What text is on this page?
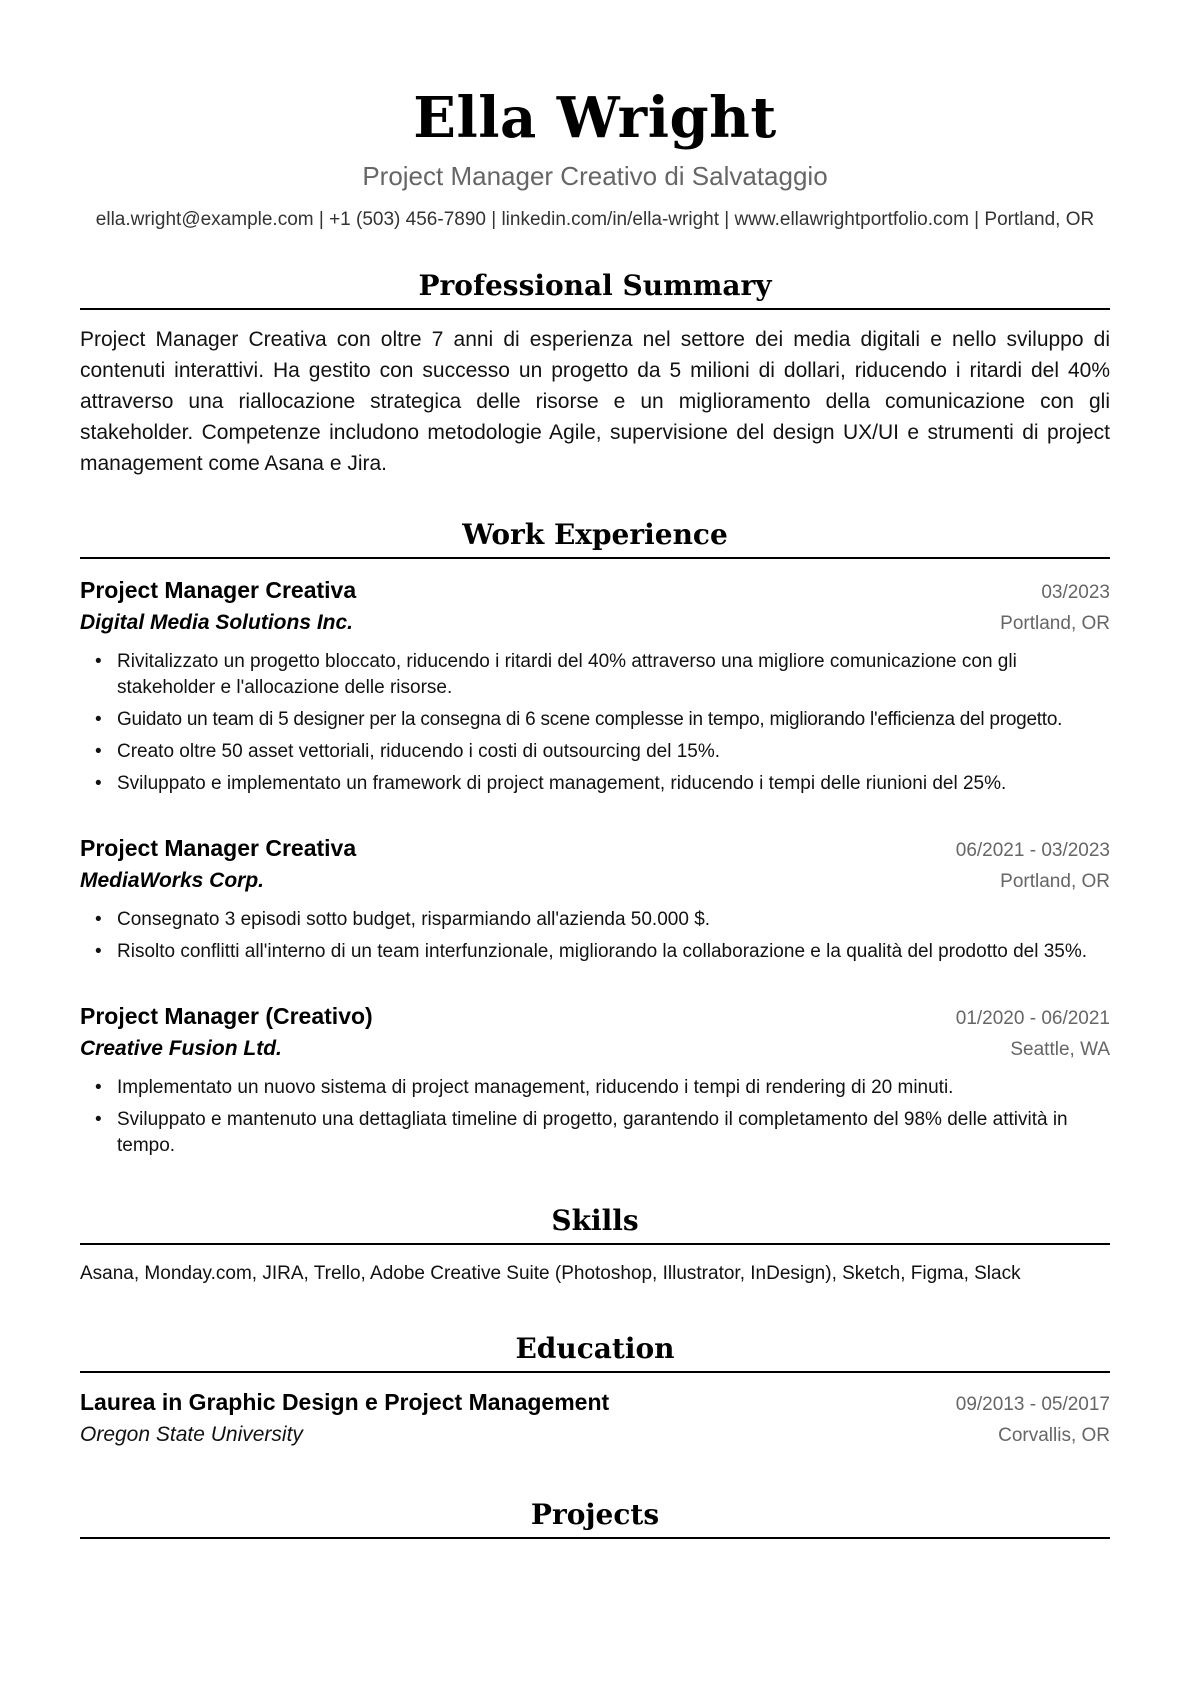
Ella Wright
Project Manager Creativo di Salvataggio
ella.wright@example.com | +1 (503) 456-7890 | linkedin.com/in/ella-wright | www.ellawrightportfolio.com | Portland, OR
Professional Summary
Project Manager Creativa con oltre 7 anni di esperienza nel settore dei media digitali e nello sviluppo di contenuti interattivi. Ha gestito con successo un progetto da 5 milioni di dollari, riducendo i ritardi del 40% attraverso una riallocazione strategica delle risorse e un miglioramento della comunicazione con gli stakeholder. Competenze includono metodologie Agile, supervisione del design UX/UI e strumenti di project management come Asana e Jira.
Work Experience
Project Manager Creativa	03/2023
Digital Media Solutions Inc.	Portland, OR
• Rivitalizzato un progetto bloccato, riducendo i ritardi del 40% attraverso una migliore comunicazione con gli stakeholder e l'allocazione delle risorse.
• Guidato un team di 5 designer per la consegna di 6 scene complesse in tempo, migliorando l'efficienza del progetto.
• Creato oltre 50 asset vettoriali, riducendo i costi di outsourcing del 15%.
• Sviluppato e implementato un framework di project management, riducendo i tempi delle riunioni del 25%.
Project Manager Creativa	06/2021 - 03/2023
MediaWorks Corp.	Portland, OR
• Consegnato 3 episodi sotto budget, risparmiando all'azienda 50.000 $.
• Risolto conflitti all'interno di un team interfunzionale, migliorando la collaborazione e la qualità del prodotto del 35%.
Project Manager (Creativo)	01/2020 - 06/2021
Creative Fusion Ltd.	Seattle, WA
• Implementato un nuovo sistema di project management, riducendo i tempi di rendering di 20 minuti.
• Sviluppato e mantenuto una dettagliata timeline di progetto, garantendo il completamento del 98% delle attività in tempo.
Skills
Asana, Monday.com, JIRA, Trello, Adobe Creative Suite (Photoshop, Illustrator, InDesign), Sketch, Figma, Slack
Education
Laurea in Graphic Design e Project Management	09/2013 - 05/2017
Oregon State University	Corvallis, OR
Projects
